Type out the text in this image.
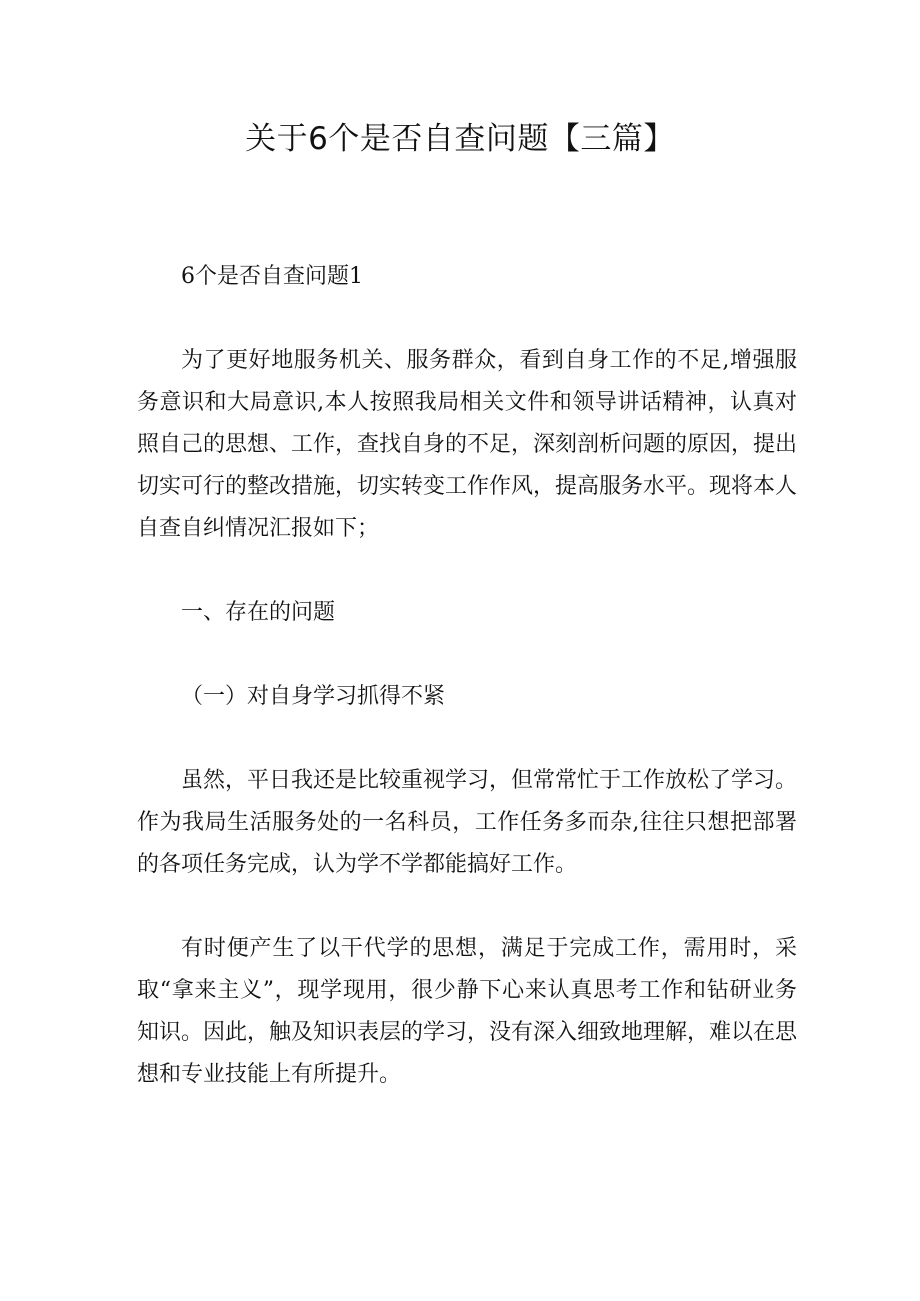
关于6个是否自查问题【三篇】

6个是否自查问题1

为了更好地服务机关、服务群众，看到自身工作的不足,增强服务意识和大局意识,本人按照我局相关文件和领导讲话精神，认真对照自己的思想、工作，查找自身的不足，深刻剖析问题的原因，提出切实可行的整改措施，切实转变工作作风，提高服务水平。现将本人自查自纠情况汇报如下；

一、存在的问题

（一）对自身学习抓得不紧

虽然，平日我还是比较重视学习，但常常忙于工作放松了学习。作为我局生活服务处的一名科员，工作任务多而杂,往往只想把部署的各项任务完成，认为学不学都能搞好工作。

有时便产生了以干代学的思想，满足于完成工作，需用时，采取“拿来主义”，现学现用，很少静下心来认真思考工作和钻研业务知识。因此，触及知识表层的学习，没有深入细致地理解，难以在思想和专业技能上有所提升。
